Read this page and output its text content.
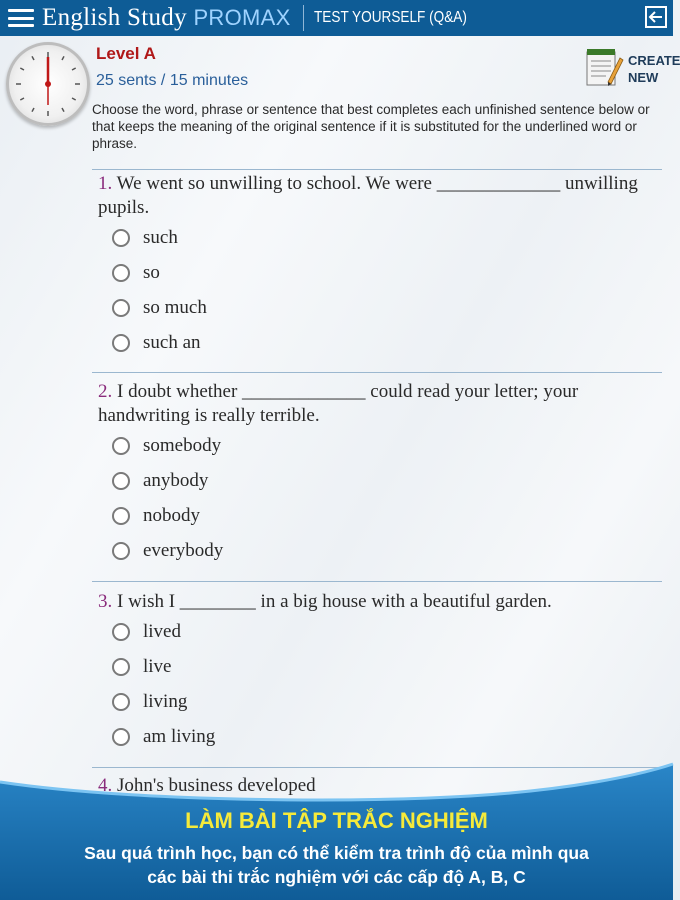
English Study PROMAX TEST YOURSELF (Q&A)
Level A
25 sents / 15 minutes
CREATE
NEW
Choose the word, phrase or sentence that best completes each unfinished sentence below or that keeps the meaning of the original sentence if it is substituted for the underlined word or phrase.
1. We went so unwilling to school. We were _____________ unwilling pupils.
such
so
so much
such an
2. I doubt whether _____________ could read your letter; your handwriting is really terrible.
somebody
anybody
nobody
everybody
3. I wish I ________ in a big house with a beautiful garden.
lived
live
living
am living
4. John's business developed
LÀM BÀI TẬP TRẮC NGHIỆM
Sau quá trình học, bạn có thể kiểm tra trình độ của mình qua
các bài thi trắc nghiệm với các cấp độ A, B, C
